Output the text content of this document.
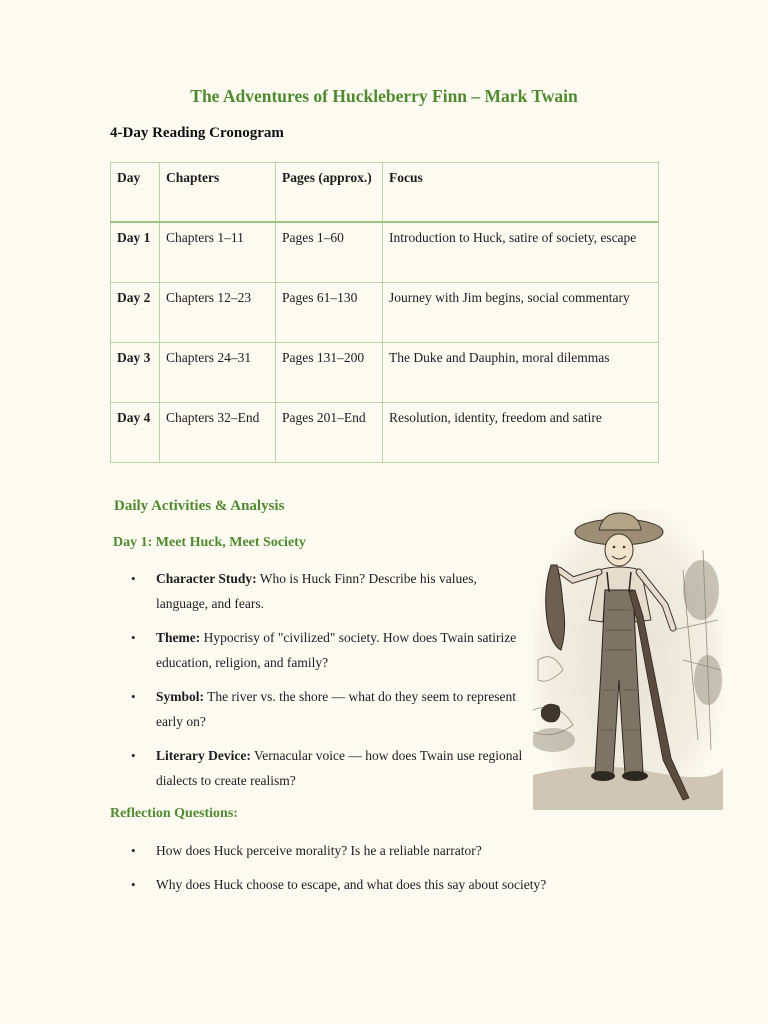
The Adventures of Huckleberry Finn – Mark Twain
4-Day Reading Cronogram
Day	Chapters	Pages (approx.)	Focus
Day 1	Chapters 1–11	Pages 1–60	Introduction to Huck, satire of society, escape
Day 2	Chapters 12–23	Pages 61–130	Journey with Jim begins, social commentary
Day 3	Chapters 24–31	Pages 131–200	The Duke and Dauphin, moral dilemmas
Day 4	Chapters 32–End	Pages 201–End	Resolution, identity, freedom and satire
Daily Activities & Analysis
Day 1: Meet Huck, Meet Society
• Character Study: Who is Huck Finn? Describe his values, language, and fears.
• Theme: Hypocrisy of "civilized" society. How does Twain satirize education, religion, and family?
• Symbol: The river vs. the shore — what do they seem to represent early on?
• Literary Device: Vernacular voice — how does Twain use regional dialects to create realism?
Reflection Questions:
• How does Huck perceive morality? Is he a reliable narrator?
• Why does Huck choose to escape, and what does this say about society?
